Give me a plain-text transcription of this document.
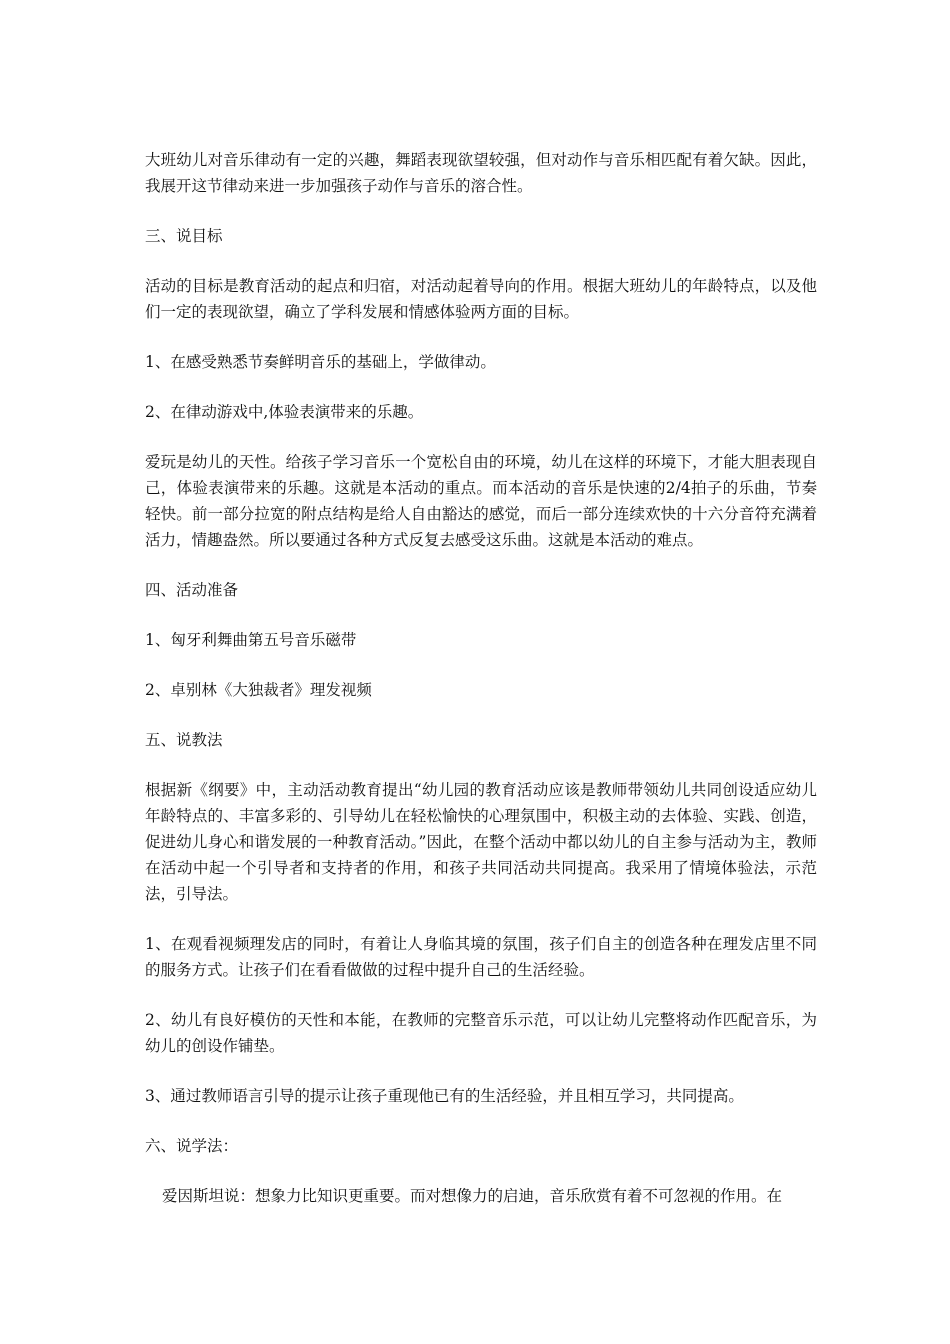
大班幼儿对音乐律动有一定的兴趣，舞蹈表现欲望较强，但对动作与音乐相匹配有着欠缺。因此，我展开这节律动来进一步加强孩子动作与音乐的溶合性。

三、说目标

活动的目标是教育活动的起点和归宿，对活动起着导向的作用。根据大班幼儿的年龄特点，以及他们一定的表现欲望，确立了学科发展和情感体验两方面的目标。

1、在感受熟悉节奏鲜明音乐的基础上，学做律动。

2、在律动游戏中,体验表演带来的乐趣。

爱玩是幼儿的天性。给孩子学习音乐一个宽松自由的环境，幼儿在这样的环境下，才能大胆表现自己，体验表演带来的乐趣。这就是本活动的重点。而本活动的音乐是快速的2/4拍子的乐曲，节奏轻快。前一部分拉宽的附点结构是给人自由豁达的感觉，而后一部分连续欢快的十六分音符充满着活力，情趣盎然。所以要通过各种方式反复去感受这乐曲。这就是本活动的难点。

四、活动准备

1、匈牙利舞曲第五号音乐磁带

2、卓别林《大独裁者》理发视频

五、说教法

根据新《纲要》中，主动活动教育提出“幼儿园的教育活动应该是教师带领幼儿共同创设适应幼儿年龄特点的、丰富多彩的、引导幼儿在轻松愉快的心理氛围中，积极主动的去体验、实践、创造，促进幼儿身心和谐发展的一种教育活动。”因此，在整个活动中都以幼儿的自主参与活动为主，教师在活动中起一个引导者和支持者的作用，和孩子共同活动共同提高。我采用了情境体验法，示范法，引导法。

1、在观看视频理发店的同时，有着让人身临其境的氛围，孩子们自主的创造各种在理发店里不同的服务方式。让孩子们在看看做做的过程中提升自己的生活经验。

2、幼儿有良好模仿的天性和本能，在教师的完整音乐示范，可以让幼儿完整将动作匹配音乐，为幼儿的创设作铺垫。

3、通过教师语言引导的提示让孩子重现他已有的生活经验，并且相互学习，共同提高。

六、说学法：

爱因斯坦说：想象力比知识更重要。而对想像力的启迪，音乐欣赏有着不可忽视的作用。在
